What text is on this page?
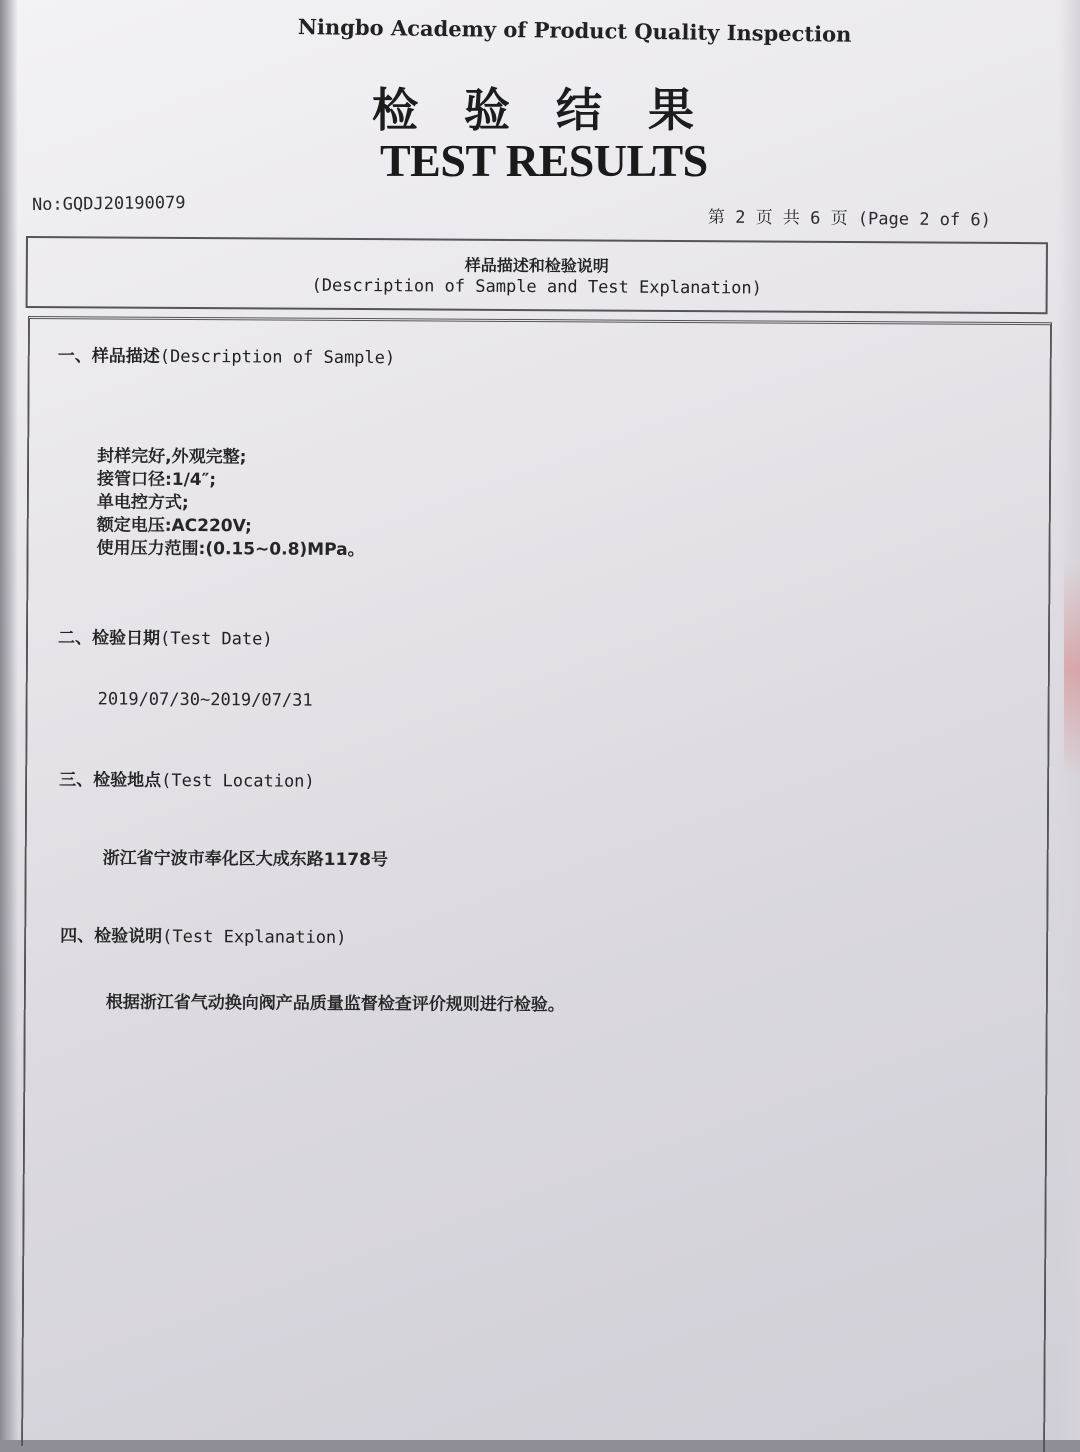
Ningbo Academy of Product Quality Inspection
检验结果
TEST RESULTS
No:GQDJ20190079
第 2 页 共 6 页 (Page 2 of 6)
样品描述和检验说明
(Description of Sample and Test Explanation)
一、样品描述(Description of Sample)
封样完好,外观完整;
接管口径:1/4″;
单电控方式;
额定电压:AC220V;
使用压力范围:(0.15~0.8)MPa。
二、检验日期(Test Date)
2019/07/30~2019/07/31
三、检验地点(Test Location)
浙江省宁波市奉化区大成东路1178号
四、检验说明(Test Explanation)
根据浙江省气动换向阀产品质量监督检查评价规则进行检验。
